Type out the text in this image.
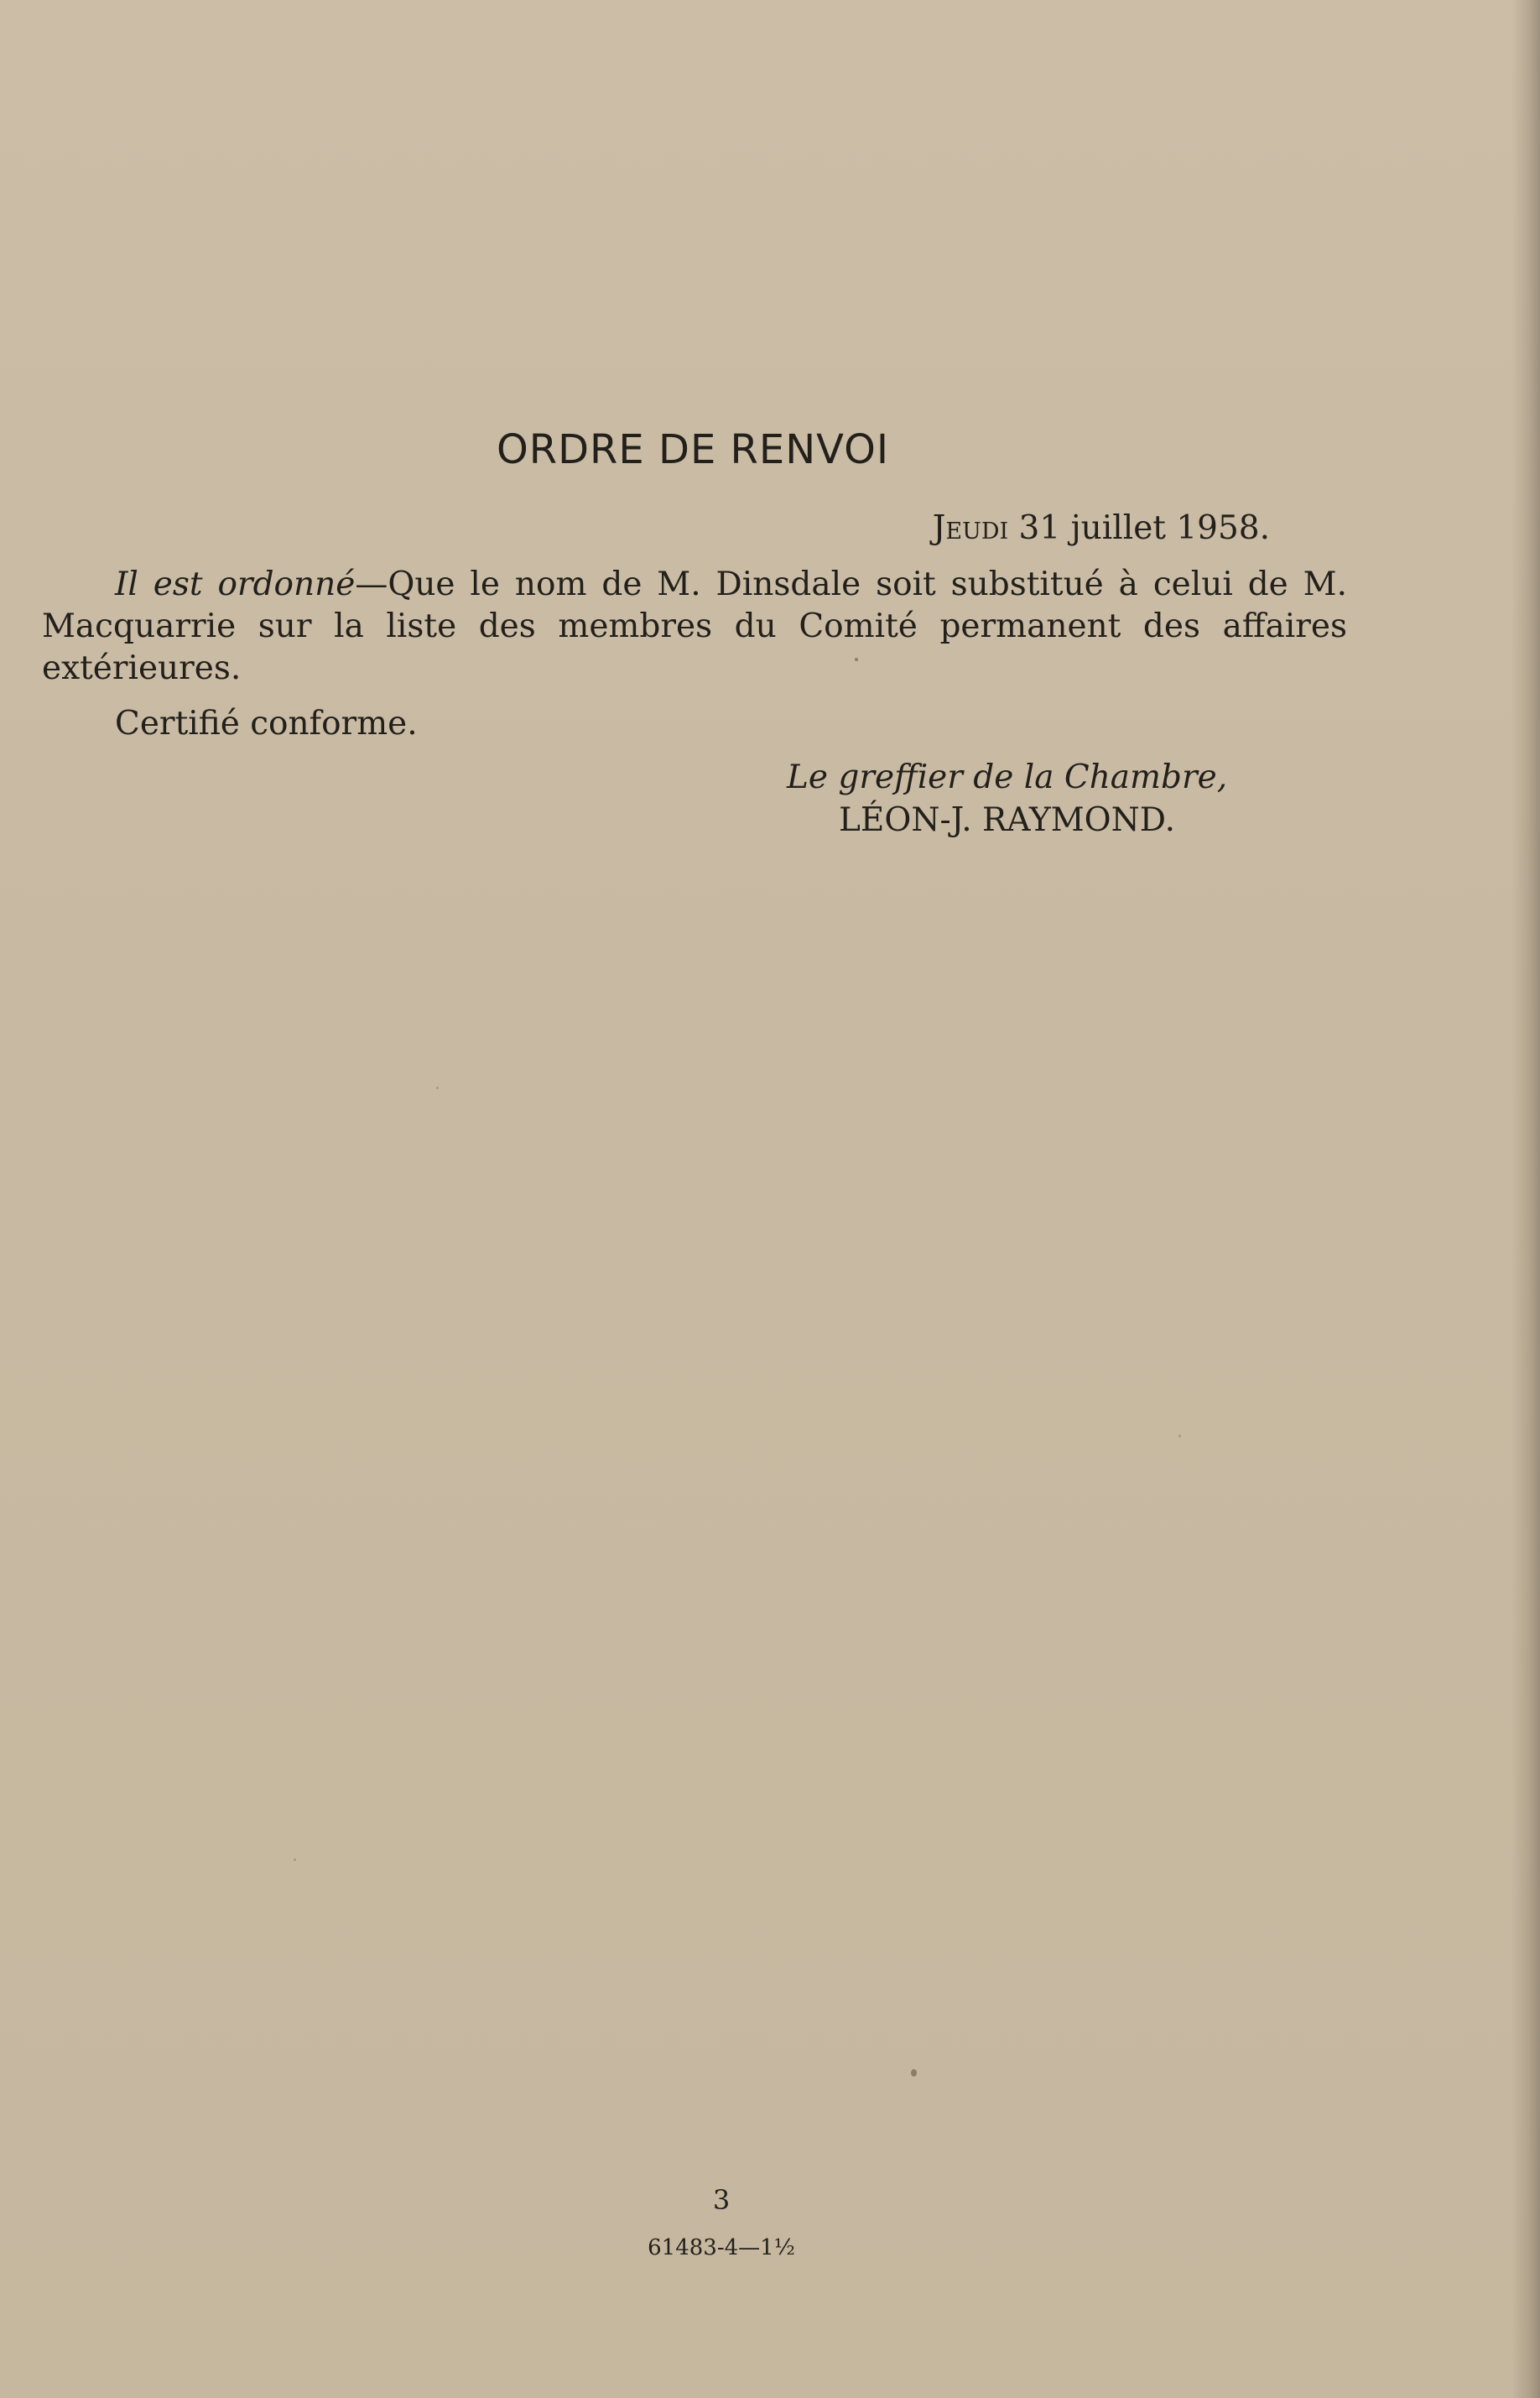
ORDRE DE RENVOI
Jeudi 31 juillet 1958.

Il est ordonné—Que le nom de M. Dinsdale soit substitué à celui de M. Macquarrie sur la liste des membres du Comité permanent des affaires extérieures.

Certifié conforme.

Le greffier de la Chambre,

LÉON-J. RAYMOND.

3

61483-4—1½
